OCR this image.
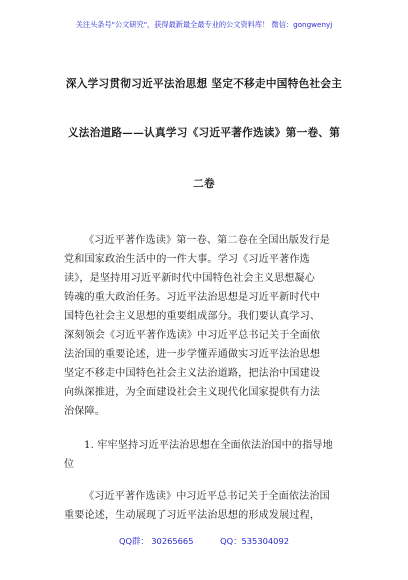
关注头条号"公文研究"，获得最新最全最专业的公文资料库！ 微信：gongwenyj
深入学习贯彻习近平法治思想 坚定不移走中国特色社会主
义法治道路——认真学习《习近平著作选读》第一卷、第
二卷
《习近平著作选读》第一卷、第二卷在全国出版发行是
党和国家政治生活中的一件大事。学习《习近平著作选
读》，是坚持用习近平新时代中国特色社会主义思想凝心
铸魂的重大政治任务。习近平法治思想是习近平新时代中
国特色社会主义思想的重要组成部分。我们要认真学习、
深刻领会《习近平著作选读》中习近平总书记关于全面依
法治国的重要论述，进一步学懂弄通做实习近平法治思想
坚定不移走中国特色社会主义法治道路，把法治中国建设
向纵深推进，为全面建设社会主义现代化国家提供有力法
治保障。
1. 牢牢坚持习近平法治思想在全面依法治国中的指导地
位
《习近平著作选读》中习近平总书记关于全面依法治国
重要论述，生动展现了习近平法治思想的形成发展过程，
QQ群： 30265665	QQ：535304092
